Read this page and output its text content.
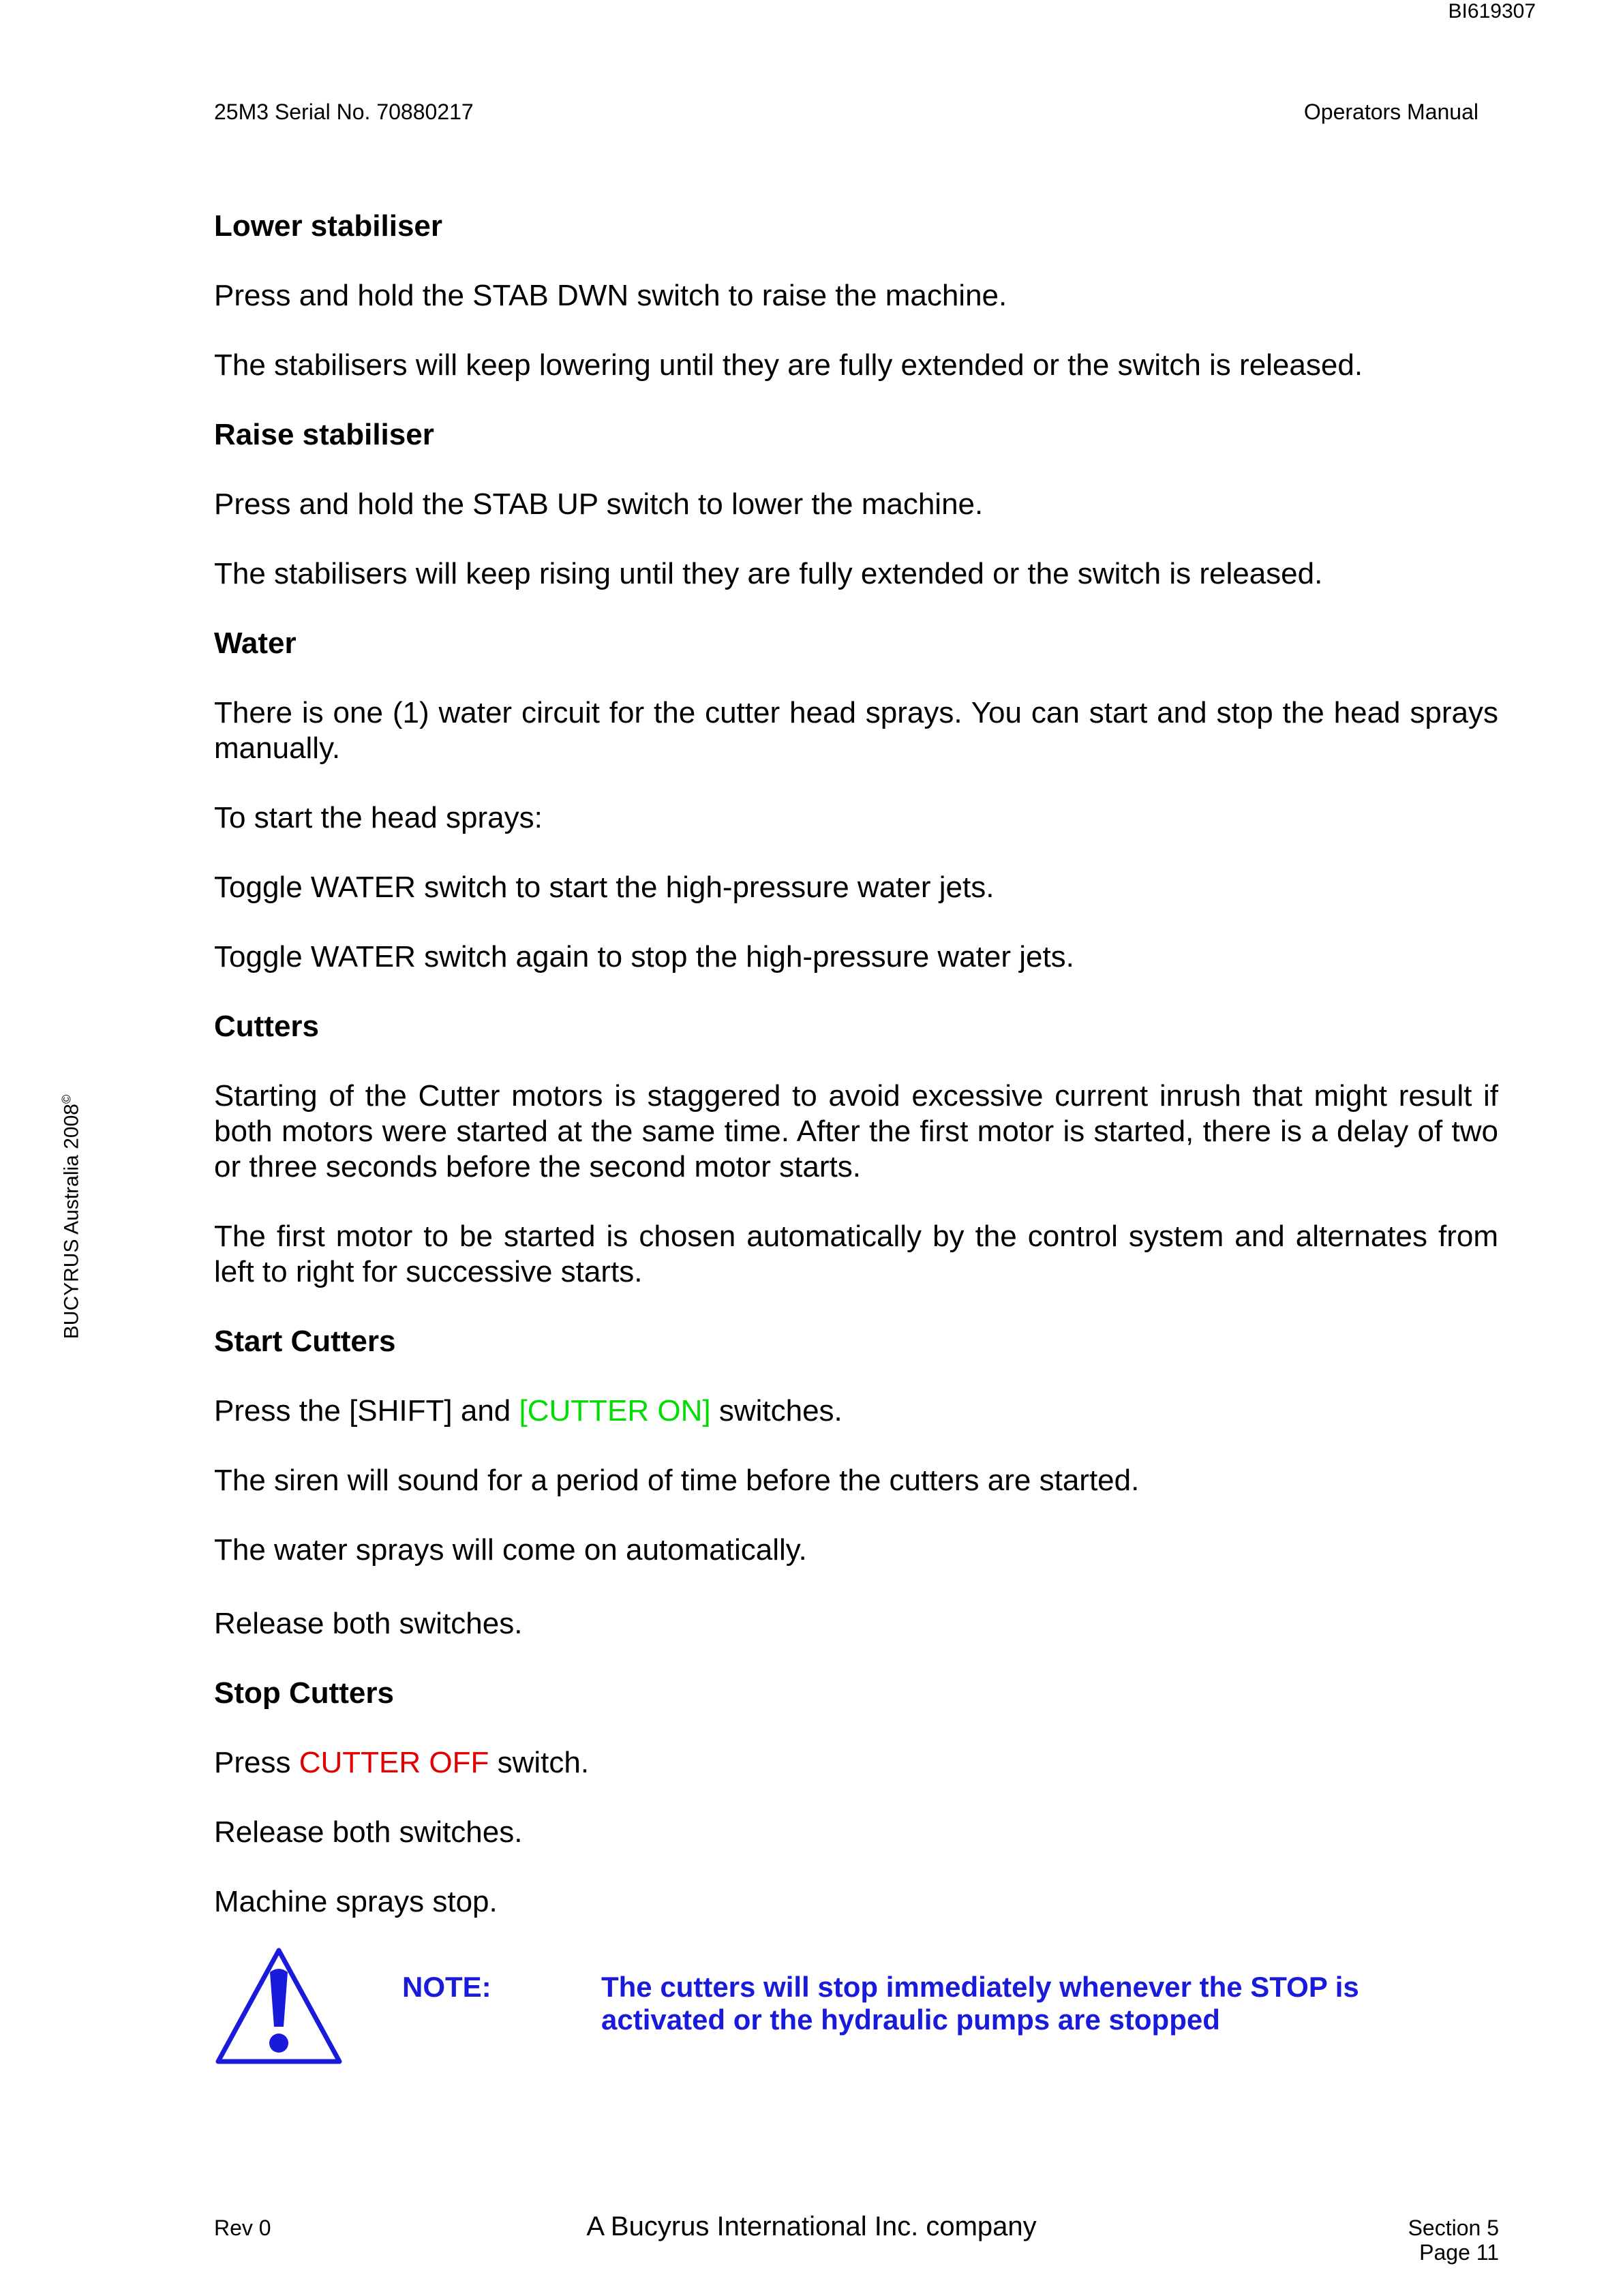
BI619307
25M3 Serial No. 70880217	Operators Manual
BUCYRUS Australia 2008©
Lower stabiliser
Press and hold the STAB DWN switch to raise the machine.
The stabilisers will keep lowering until they are fully extended or the switch is released.
Raise stabiliser
Press and hold the STAB UP switch to lower the machine.
The stabilisers will keep rising until they are fully extended or the switch is released.
Water
There is one (1) water circuit for the cutter head sprays. You can start and stop the head sprays manually.
To start the head sprays:
Toggle WATER switch to start the high-pressure water jets.
Toggle WATER switch again to stop the high-pressure water jets.
Cutters
Starting of the Cutter motors is staggered to avoid excessive current inrush that might result if both motors were started at the same time. After the first motor is started, there is a delay of two or three seconds before the second motor starts.
The first motor to be started is chosen automatically by the control system and alternates from left to right for successive starts.
Start Cutters
Press the [SHIFT] and [CUTTER ON] switches.
The siren will sound for a period of time before the cutters are started.
The water sprays will come on automatically.
Release both switches.
Stop Cutters
Press CUTTER OFF switch.
Release both switches.
Machine sprays stop.
NOTE:	The cutters will stop immediately whenever the STOP is
activated or the hydraulic pumps are stopped
Rev 0	A Bucyrus International Inc. company	Section 5
Page 11
